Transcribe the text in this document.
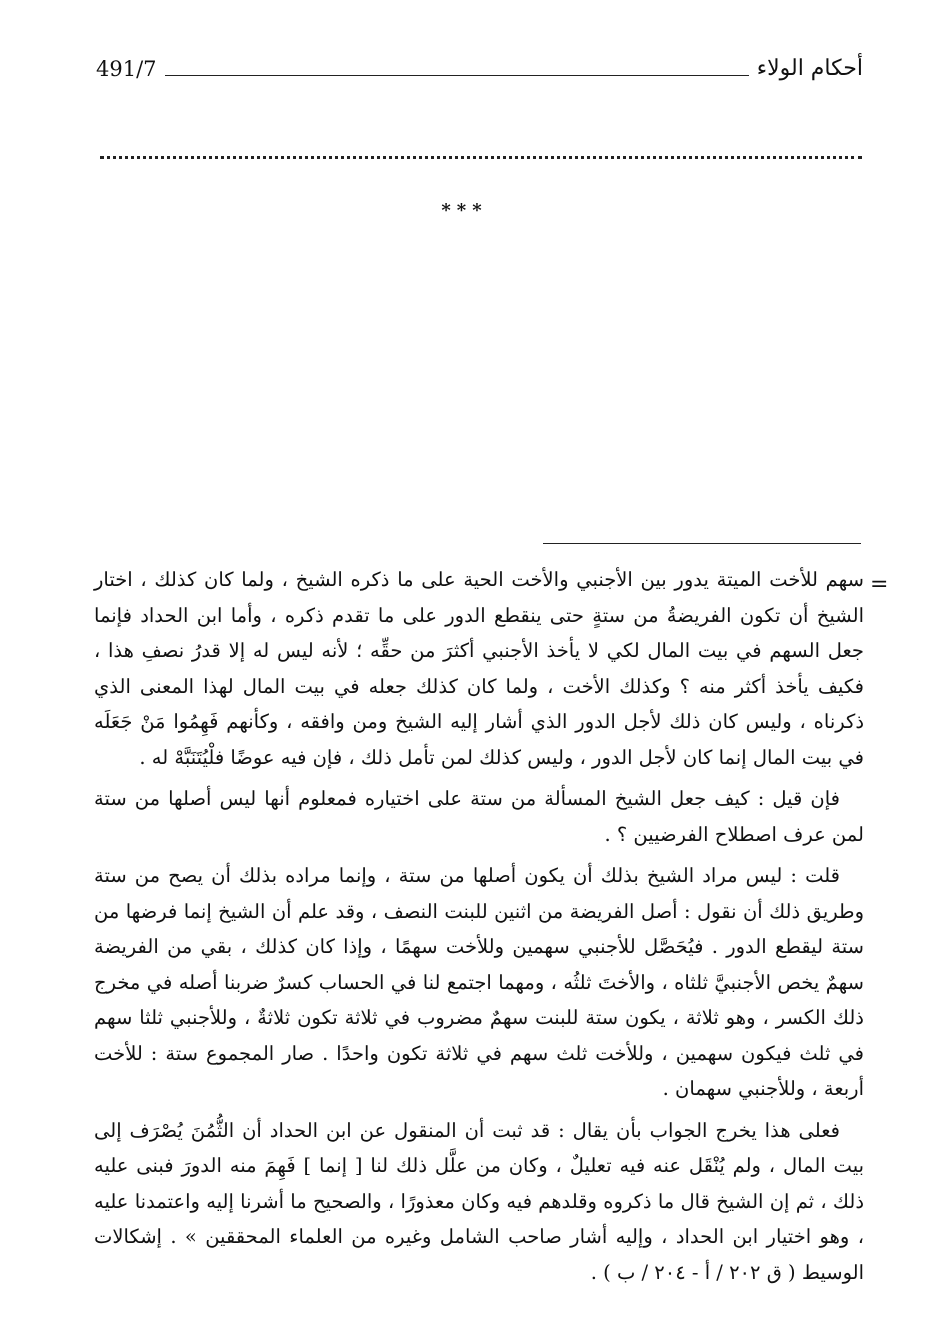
491/7	أحكام الولاء
***
=

سهم للأخت الميتة يدور بين الأجنبي والأخت الحية على ما ذكره الشيخ ، ولما كان كذلك ، اختار الشيخ أن تكون الفريضةُ من ستةٍ حتى ينقطع الدور على ما تقدم ذكره ، وأما ابن الحداد فإنما جعل السهم في بيت المال لكي لا يأخذ الأجنبي أكثرَ من حقِّه ؛ لأنه ليس له إلا قدرُ نصفِ هذا ، فكيف يأخذ أكثر منه ؟ وكذلك الأخت ، ولما كان كذلك جعله في بيت المال لهذا المعنى الذي ذكرناه ، وليس كان ذلك لأجل الدور الذي أشار إليه الشيخ ومن وافقه ، وكأنهم فَهِمُوا مَنْ جَعَلَه في بيت المال إنما كان لأجل الدور ، وليس كذلك لمن تأمل ذلك ، فإن فيه عوضًا فلْيُتَنَبَّهْ له .

فإن قيل : كيف جعل الشيخ المسألة من ستة على اختياره فمعلوم أنها ليس أصلها من ستة لمن عرف اصطلاح الفرضيين ؟ .

قلت : ليس مراد الشيخ بذلك أن يكون أصلها من ستة ، وإنما مراده بذلك أن يصح من ستة وطريق ذلك أن نقول : أصل الفريضة من اثنين للبنت النصف ، وقد علم أن الشيخ إنما فرضها من ستة ليقطع الدور . فيُحَصَّل للأجنبي سهمين وللأخت سهمًا ، وإذا كان كذلك ، بقي من الفريضة سهمٌ يخص الأجنبيَّ ثلثاه ، والأختَ ثلثُه ، ومهما اجتمع لنا في الحساب كسرٌ ضربنا أصله في مخرج ذلك الكسر ، وهو ثلاثة ، يكون ستة للبنت سهمٌ مضروب في ثلاثة تكون ثلاثةٌ ، وللأجنبي ثلثا سهم في ثلث فيكون سهمين ، وللأخت ثلث سهم في ثلاثة تكون واحدًا . صار المجموع ستة : للأخت أربعة ، وللأجنبي سهمان .

فعلى هذا يخرج الجواب بأن يقال : قد ثبت أن المنقول عن ابن الحداد أن الثُّمُنَ يُصْرَف إلى بيت المال ، ولم يُنْقَل عنه فيه تعليلٌ ، وكان من علَّل ذلك لنا [ إنما ] فَهِمَ منه الدورَ فبنى عليه ذلك ، ثم إن الشيخ قال ما ذكروه وقلدهم فيه وكان معذورًا ، والصحيح ما أشرنا إليه واعتمدنا عليه ، وهو اختيار ابن الحداد ، وإليه أشار صاحب الشامل وغيره من العلماء المحققين » . إشكالات الوسيط ( ق ٢٠٢ / أ - ٢٠٤ / ب ) .
